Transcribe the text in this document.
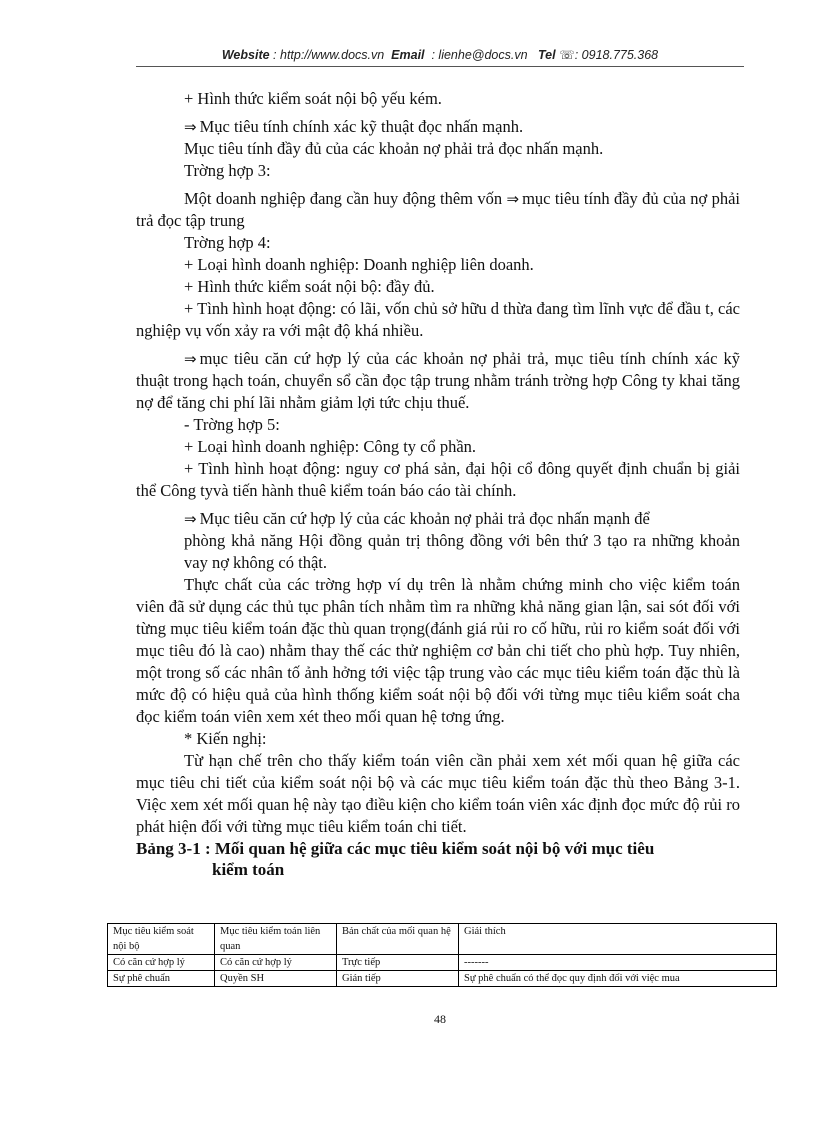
Website : http://www.docs.vn Email : lienhe@docs.vn Tel ☏: 0918.775.368

+ Hình thức kiểm soát nội bộ yếu kém.

⇒ Mục tiêu tính chính xác kỹ thuật đọc nhấn mạnh.

Mục tiêu tính đầy đủ của các khoản nợ phải trả đọc nhấn mạnh.

Trờng hợp 3:

Một doanh nghiệp đang cần huy động thêm vốn ⇒ mục tiêu tính đầy đủ của nợ phải trả đọc tập trung

Trờng hợp 4:

+ Loại hình doanh nghiệp: Doanh nghiệp liên doanh.

+ Hình thức kiểm soát nội bộ: đầy đủ.

+ Tình hình hoạt động: có lãi, vốn chủ sở hữu d thừa đang tìm lĩnh vực để đầu t, các nghiệp vụ vốn xảy ra với mật độ khá nhiều.

⇒ mục tiêu căn cứ hợp lý của các khoản nợ phải trả, mục tiêu tính chính xác kỹ thuật trong hạch toán, chuyển sổ cần đọc tập trung nhằm tránh trờng hợp Công ty khai tăng nợ để tăng chi phí lãi nhằm giảm lợi tức chịu thuế.

- Trờng hợp 5:

+ Loại hình doanh nghiệp: Công ty cổ phần.

+ Tình hình hoạt động: nguy cơ phá sản, đại hội cổ đông quyết định chuẩn bị giải thể Công tyvà tiến hành thuê kiểm toán báo cáo tài chính.

⇒ Mục tiêu căn cứ hợp lý của các khoản nợ phải trả đọc nhấn mạnh để

phòng khả năng Hội đồng quản trị thông đồng với bên thứ 3 tạo ra những khoản vay nợ không có thật.

Thực chất của các trờng hợp ví dụ trên là nhằm chứng minh cho việc kiểm toán viên đã sử dụng các thủ tục phân tích nhằm tìm ra những khả năng gian lận, sai sót đối với từng mục tiêu kiểm toán đặc thù quan trọng(đánh giá rủi ro cố hữu, rủi ro kiểm soát đối với mục tiêu đó là cao) nhằm thay thế các thử nghiệm cơ bản chi tiết cho phù hợp. Tuy nhiên, một trong số các nhân tố ảnh hởng tới việc tập trung vào các mục tiêu kiểm toán đặc thù là mức độ có hiệu quả của hình thống kiểm soát nội bộ đối với từng mục tiêu kiểm soát cha đọc kiểm toán viên xem xét theo mối quan hệ tơng ứng.

* Kiến nghị:

Từ hạn chế trên cho thấy kiểm toán viên cần phải xem xét mối quan hệ giữa các mục tiêu chi tiết của kiểm soát nội bộ và các mục tiêu kiểm toán đặc thù theo Bảng 3-1. Việc xem xét mối quan hệ này tạo điều kiện cho kiểm toán viên xác định đọc mức độ rủi ro phát hiện đối với từng mục tiêu kiểm toán chi tiết.

Bảng 3-1 : Mối quan hệ giữa các mục tiêu kiểm soát nội bộ với mục tiêu
kiểm toán

Mục tiêu kiểm soát nội bộ	Mục tiêu kiểm toán liên quan	Bản chất của mối quan hệ	Giải thích
Có căn cứ hợp lý	Có căn cứ hợp lý	Trực tiếp	-------
Sự phê chuẩn	Quyền SH	Gián tiếp	Sự phê chuẩn có thể đọc quy định đối với việc mua
48
